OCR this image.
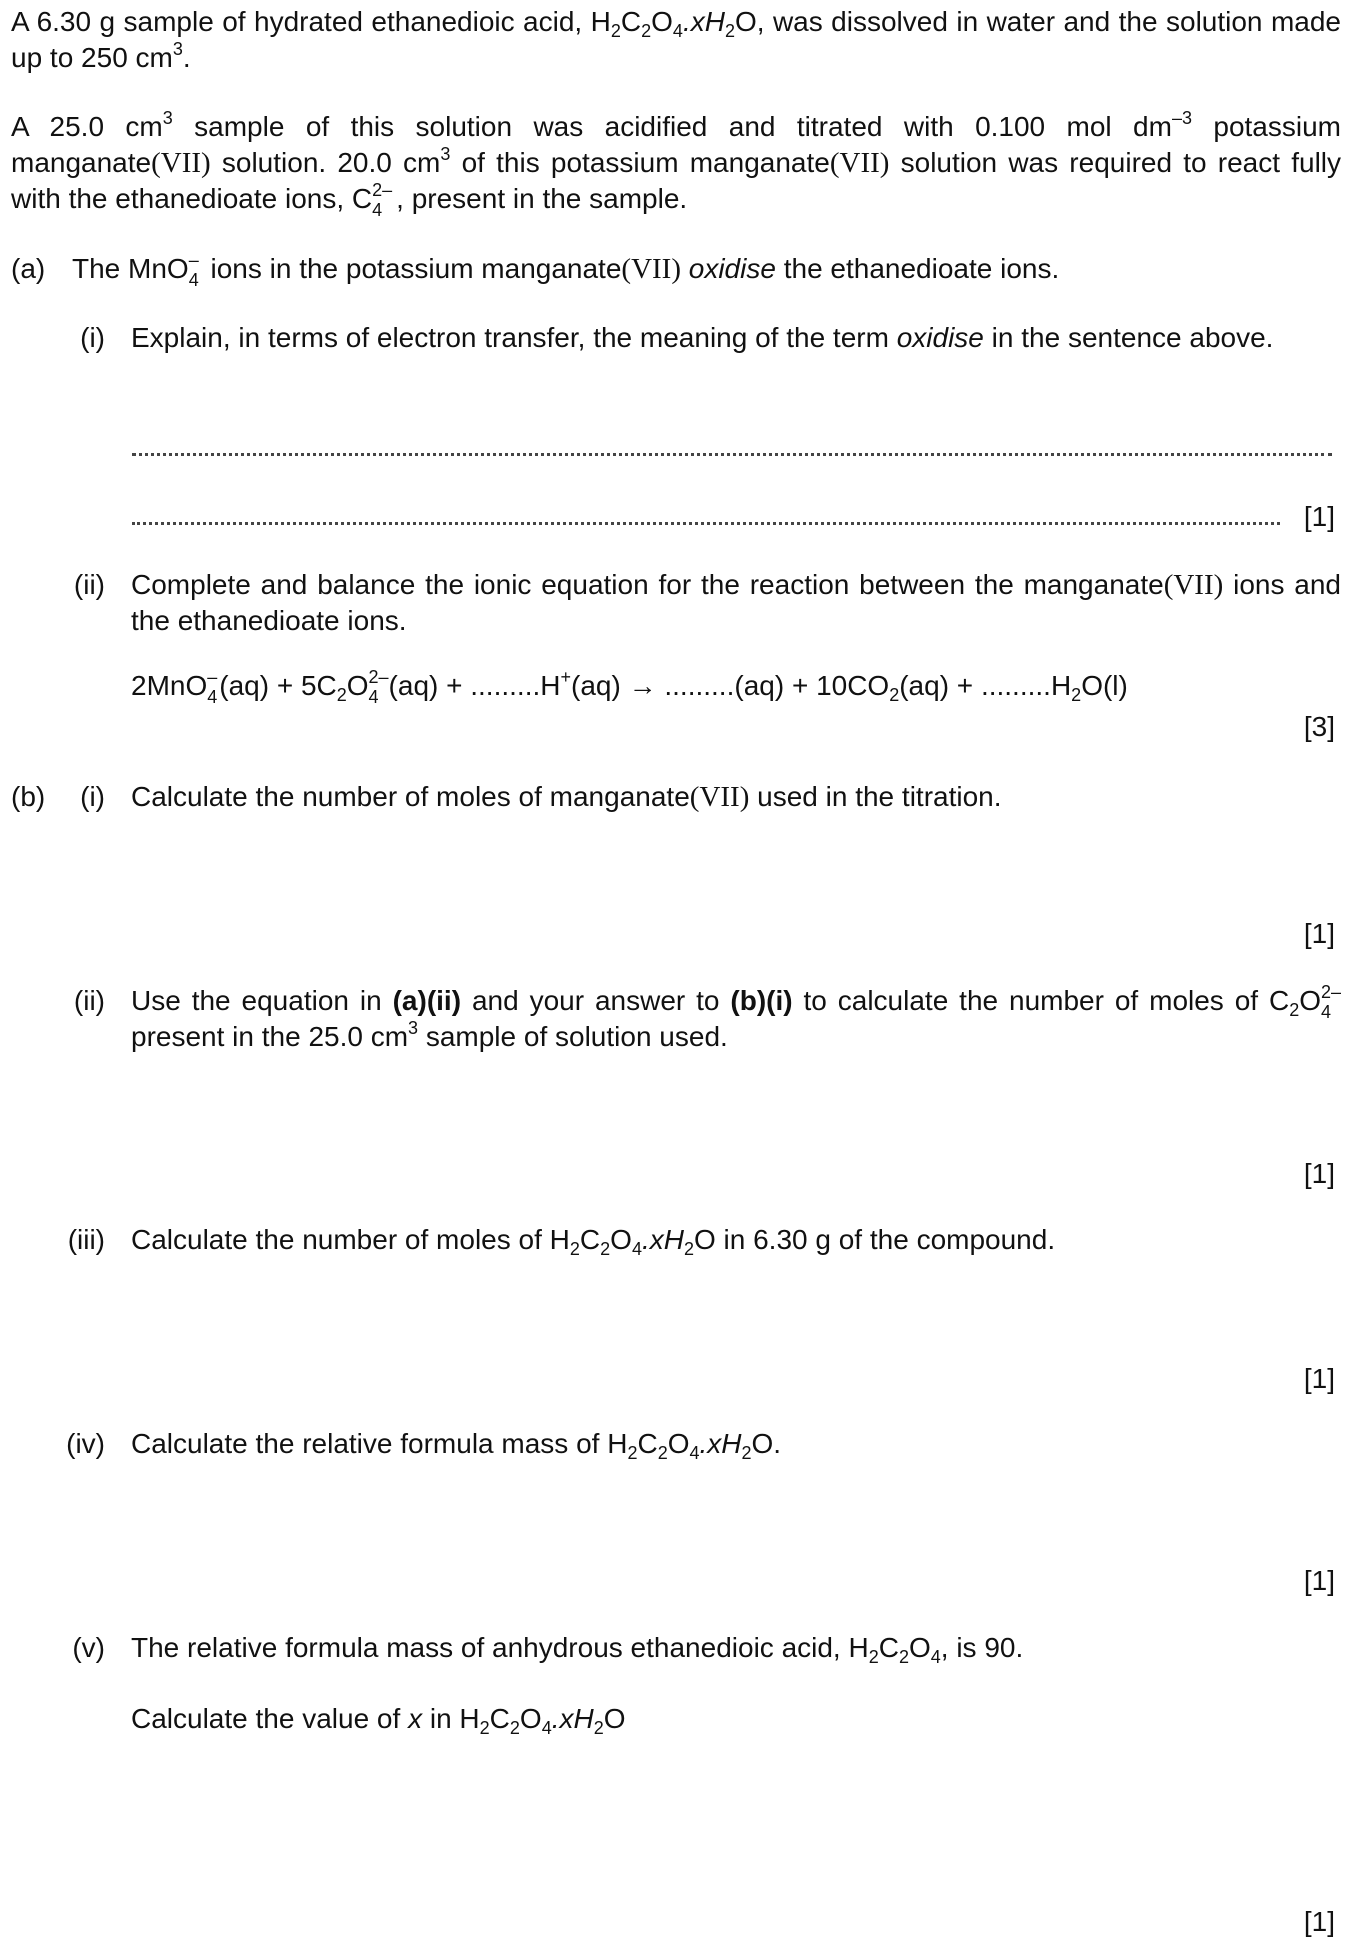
A 6.30 g sample of hydrated ethanedioic acid, $H_2C_2O_4.xH_2O$, was dissolved in water and the solution made up to 250 $cm^3$.
A 25.0 $cm^3$ sample of this solution was acidified and titrated with 0.100 mol $dm^{-3}$ potassium manganate(VII) solution. 20.0 $cm^3$ of this potassium manganate(VII) solution was required to react fully with the ethanedioate ions, C 2–
4 , present in the sample.
(a) The MnO –
4 ions in the potassium manganate(VII) oxidise the ethanedioate ions.
(i) Explain, in terms of electron transfer, the meaning of the term oxidise in the sentence above.
[1]
(ii) Complete and balance the ionic equation for the reaction between the manganate(VII) ions and the ethanedioate ions.
2MnO –
4 $(aq) + 5C_2O$ 2–
4 $(aq) + .........H^+(aq) \to .........(aq) + 10CO_2(aq) + .........H_2O(l)$
[3]
(b)	(i) Calculate the number of moles of manganate(VII) used in the titration.
[1]
(ii) Use the equation in (a)(ii) and your answer to (b)(i) to calculate the number of moles of $C_2O$ 2–
4
present in the 25.0 $cm^3$ sample of solution used.
[1]
(iii) Calculate the number of moles of $H_2C_2O_4.xH_2O$ in 6.30 g of the compound.
[1]
(iv) Calculate the relative formula mass of $H_2C_2O_4.xH_2O$.
[1]
(v) The relative formula mass of anhydrous ethanedioic acid, $H_2C_2O_4$, is 90.
Calculate the value of x in $H_2C_2O_4.xH_2O$
[1]
